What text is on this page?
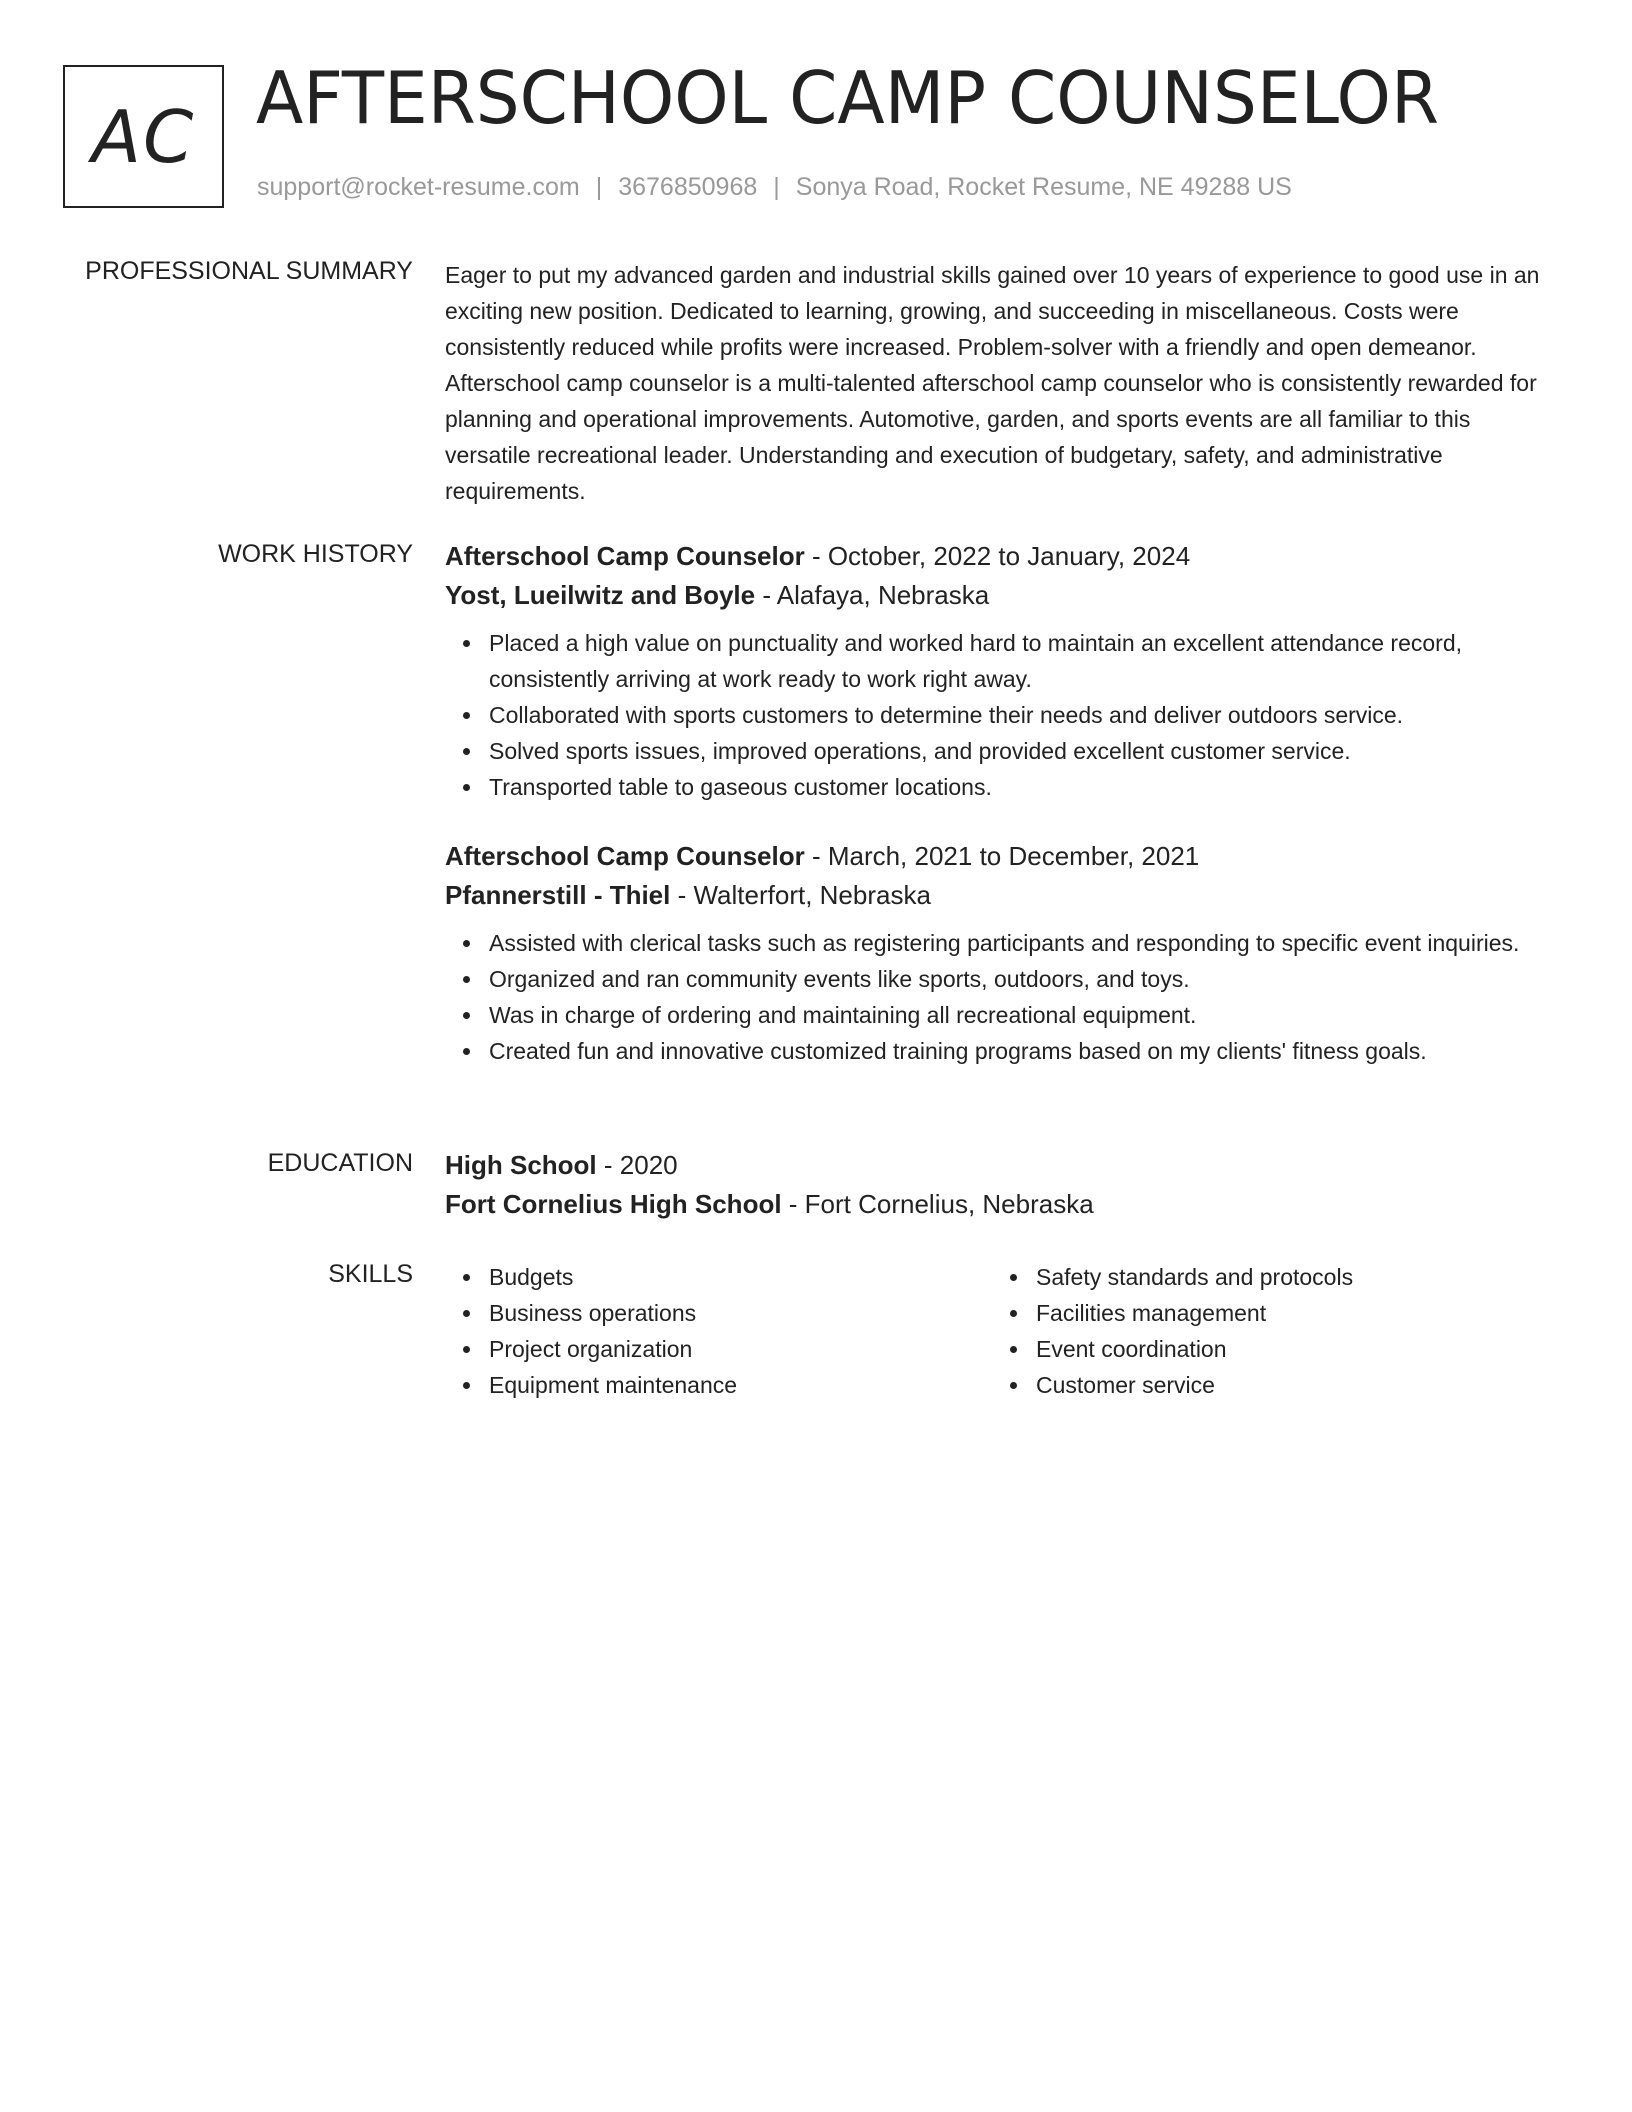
AC AFTERSCHOOL CAMP COUNSELOR
support@rocket-resume.com | 3676850968 | Sonya Road, Rocket Resume, NE 49288 US
PROFESSIONAL SUMMARY Eager to put my advanced garden and industrial skills gained over 10 years of experience to good use in an exciting new position. Dedicated to learning, growing, and succeeding in miscellaneous. Costs were consistently reduced while profits were increased. Problem-solver with a friendly and open demeanor. Afterschool camp counselor is a multi-talented afterschool camp counselor who is consistently rewarded for planning and operational improvements. Automotive, garden, and sports events are all familiar to this versatile recreational leader. Understanding and execution of budgetary, safety, and administrative requirements.

WORK HISTORY Afterschool Camp Counselor - October, 2022 to January, 2024
Yost, Lueilwitz and Boyle - Alafaya, Nebraska
Placed a high value on punctuality and worked hard to maintain an excellent attendance record, consistently arriving at work ready to work right away.
Collaborated with sports customers to determine their needs and deliver outdoors service.
Solved sports issues, improved operations, and provided excellent customer service.
Transported table to gaseous customer locations.
Afterschool Camp Counselor - March, 2021 to December, 2021
Pfannerstill - Thiel - Walterfort, Nebraska
Assisted with clerical tasks such as registering participants and responding to specific event inquiries.
Organized and ran community events like sports, outdoors, and toys.
Was in charge of ordering and maintaining all recreational equipment.
Created fun and innovative customized training programs based on my clients' fitness goals.
EDUCATION High School - 2020
Fort Cornelius High School - Fort Cornelius, Nebraska
SKILLS	Budgets
Business operations
Project organization
Equipment maintenance
Safety standards and protocols
Facilities management
Event coordination
Customer service
